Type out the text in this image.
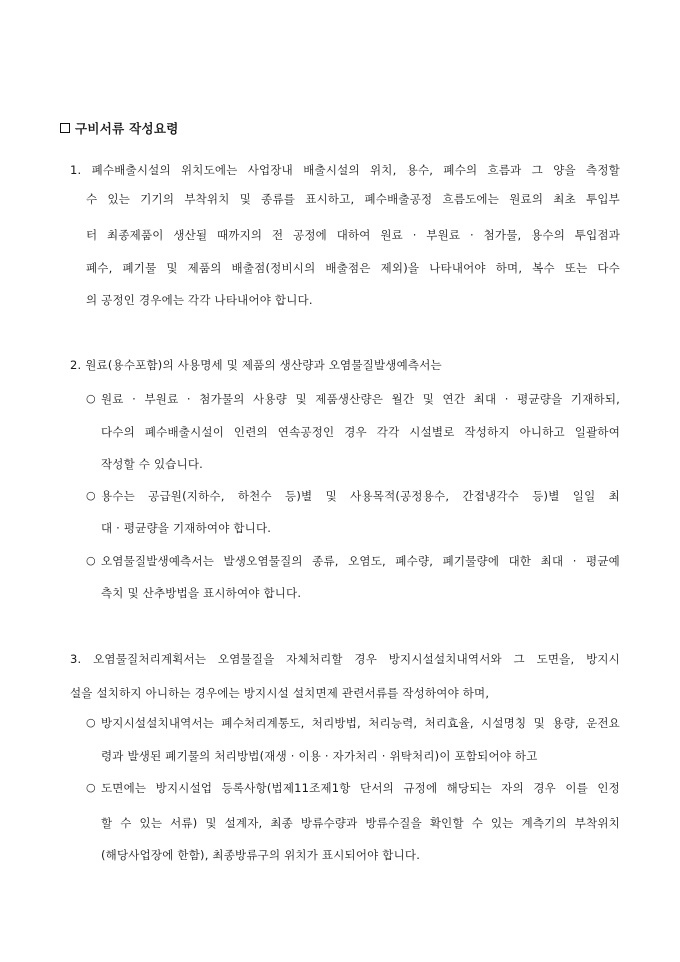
구비서류 작성요령
1. 폐수배출시설의 위치도에는 사업장내 배출시설의 위치, 용수, 폐수의 흐름과 그 양을 측정할
수 있는 기기의 부착위치 및 종류를 표시하고, 폐수배출공정 흐름도에는 원료의 최초 투입부
터 최종제품이 생산될 때까지의 전 공정에 대하여 원료 · 부원료 · 첨가물, 용수의 투입점과
폐수, 폐기물 및 제품의 배출점(정비시의 배출점은 제외)을 나타내어야 하며, 복수 또는 다수
의 공정인 경우에는 각각 나타내어야 합니다.
2. 원료(용수포함)의 사용명세 및 제품의 생산량과 오염물질발생예측서는
○ 원료 · 부원료 · 첨가물의 사용량 및 제품생산량은 월간 및 연간 최대 · 평균량을 기재하되,
다수의 폐수배출시설이 인련의 연속공정인 경우 각각 시설별로 작성하지 아니하고 일괄하여
작성할 수 있습니다.
○ 용수는 공급원(지하수, 하천수 등)별 및 사용목적(공정용수, 간접냉각수 등)별 일일 최
대 · 평균량을 기재하여야 합니다.
○ 오염물질발생예측서는 발생오염물질의 종류, 오염도, 폐수량, 폐기물량에 대한 최대 · 평균예
측치 및 산추방법을 표시하여야 합니다.
3. 오염물질처리계획서는 오염물질을 자체처리할 경우 방지시설설치내역서와 그 도면을, 방지시
설을 설치하지 아니하는 경우에는 방지시설 설치면제 관련서류를 작성하여야 하며,
○ 방지시설설치내역서는 폐수처리계통도, 처리방법, 처리능력, 처리효율, 시설명칭 및 용량, 운전요
령과 발생된 폐기물의 처리방법(재생 · 이용 · 자가처리 · 위탁처리)이 포함되어야 하고
○ 도면에는 방지시설업 등록사항(법제11조제1항 단서의 규정에 해당되는 자의 경우 이를 인정
할 수 있는 서류) 및 설계자, 최종 방류수량과 방류수질을 확인할 수 있는 계측기의 부착위치
(해당사업장에 한함), 최종방류구의 위치가 표시되어야 합니다.
